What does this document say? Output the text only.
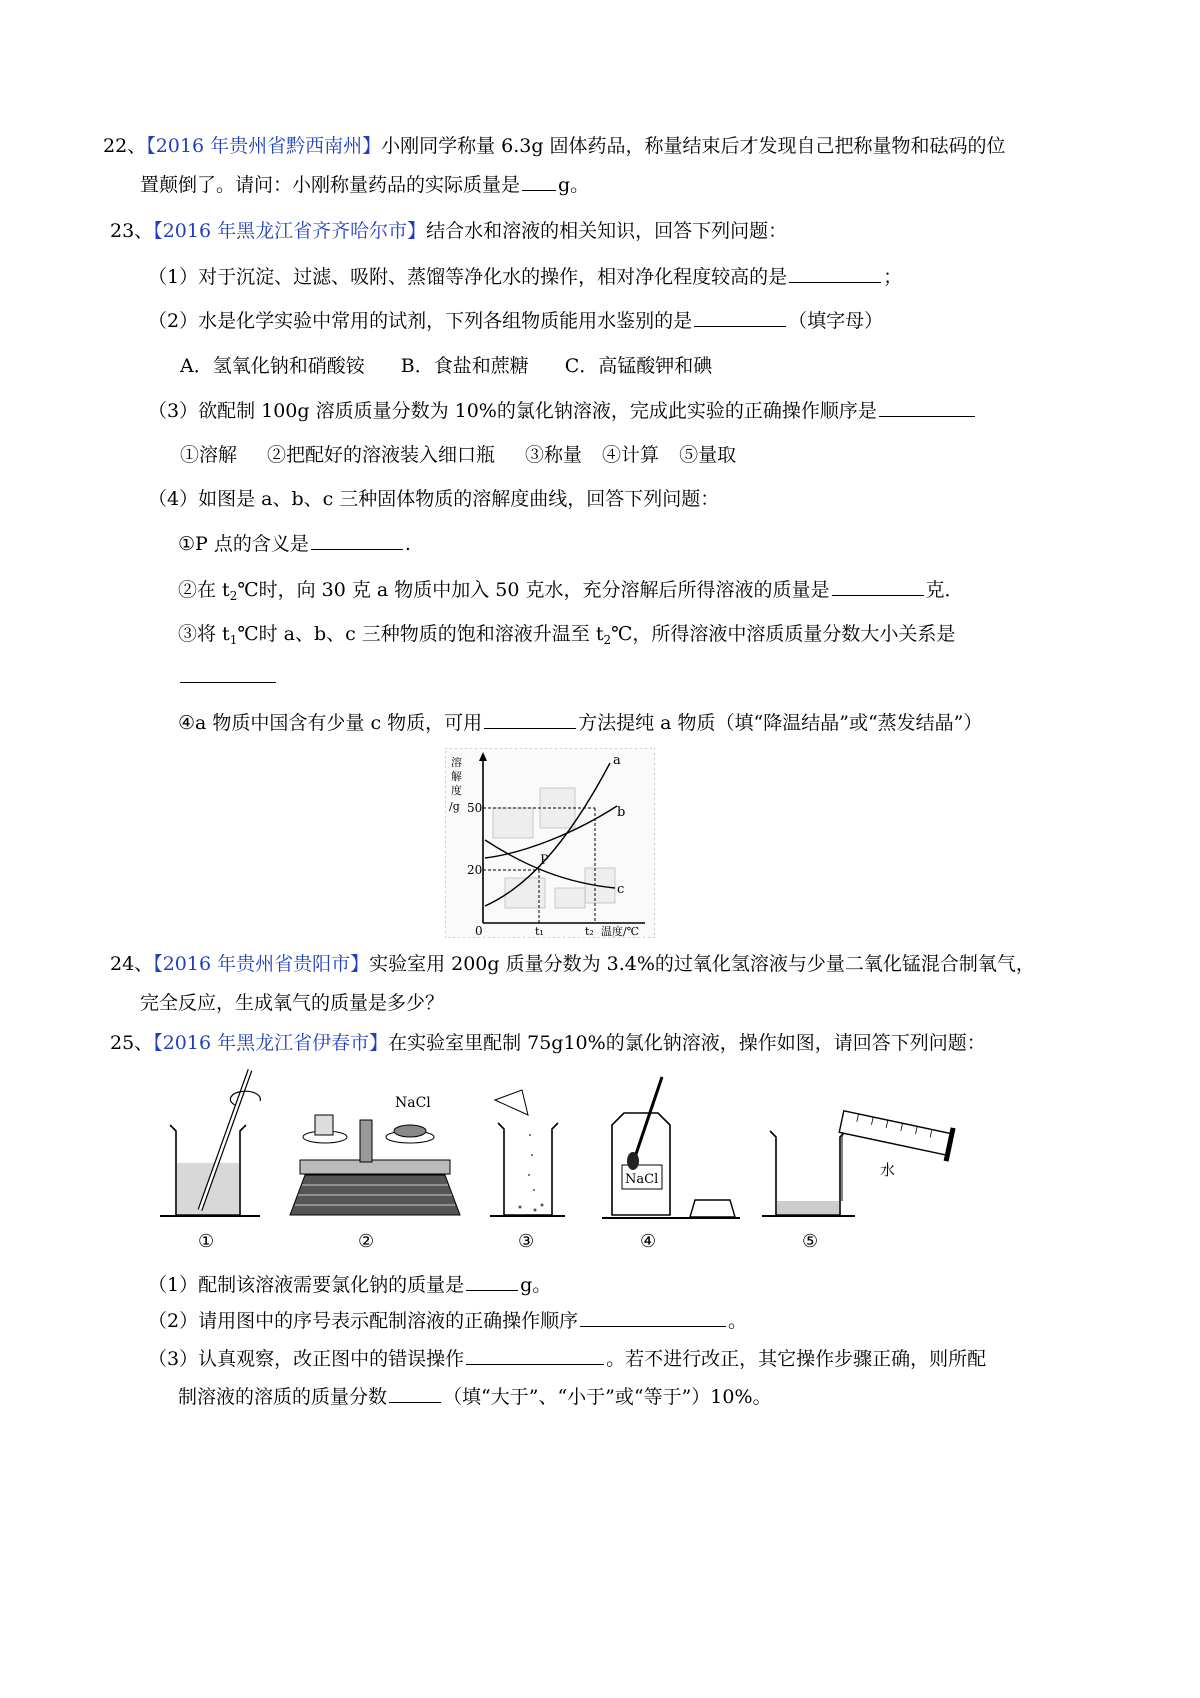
22、【2016 年贵州省黔西南州】小刚同学称量 6.3g 固体药品，称量结束后才发现自己把称量物和砝码的位
置颠倒了。请问：小刚称量药品的实际质量是 g。
23、【2016 年黑龙江省齐齐哈尔市】结合水和溶液的相关知识，回答下列问题：
（1）对于沉淀、过滤、吸附、蒸馏等净化水的操作，相对净化程度较高的是	；
（2）水是化学实验中常用的试剂，下列各组物质能用水鉴别的是	（填字母）
A．氢氧化钠和硝酸铵 B．食盐和蔗糖 C．高锰酸钾和碘
（3）欲配制 100g 溶质质量分数为 10%的氯化钠溶液，完成此实验的正确操作顺序是
①溶解 ②把配好的溶液装入细口瓶 ③称量 ④计算 ⑤量取
（4）如图是 a、b、c 三种固体物质的溶解度曲线，回答下列问题：
①P 点的含义是	.
②在 $t_2℃$时，向 30 克 a 物质中加入 50 克水，充分溶解后所得溶液的质量是	克．
③将 $t_1℃$时 a、b、c 三种物质的饱和溶液升温至 $t_2℃$，所得溶液中溶质质量分数大小关系是
④a 物质中国含有少量 c 物质，可用	方法提纯 a 物质（填“降温结晶”或“蒸发结晶”）
溶
解
度
/g 50
20
0	t₁	t₂ 温度/℃
a
b
c
P
24、【2016 年贵州省贵阳市】实验室用 200g 质量分数为 3.4%的过氧化氢溶液与少量二氧化锰混合制氧气，
完全反应，生成氧气的质量是多少？
25、【2016 年黑龙江省伊春市】在实验室里配制 75g10%的氯化钠溶液，操作如图，请回答下列问题：
NaCl
NaCl
水
①	②	③	④	⑤
（1）配制该溶液需要氯化钠的质量是	g。
（2）请用图中的序号表示配制溶液的正确操作顺序	。
（3）认真观察，改正图中的错误操作	。若不进行改正，其它操作步骤正确，则所配
制溶液的溶质的质量分数	（填“大于”、“小于”或“等于”）10%。
